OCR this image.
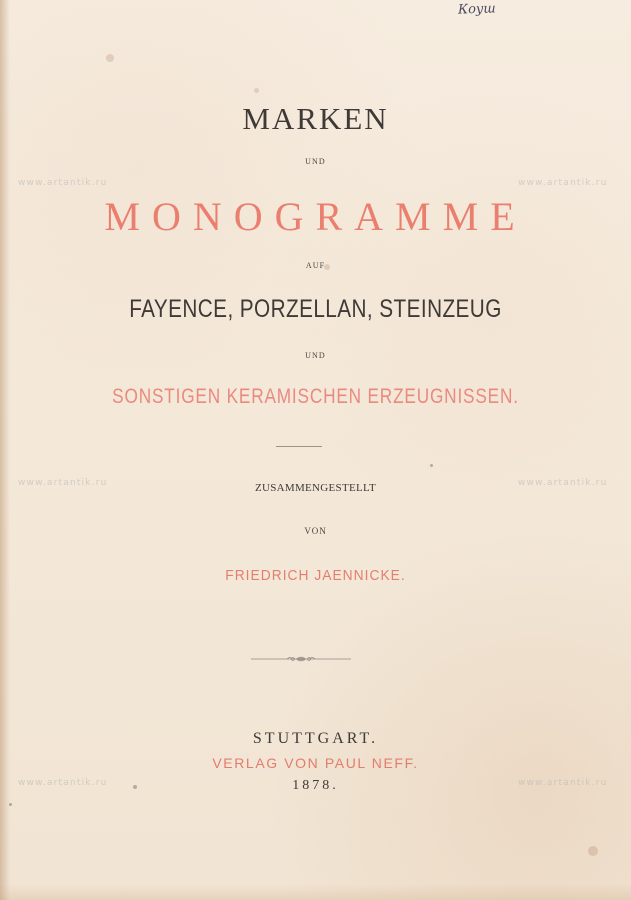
Коуш
www.artantik.ru	www.artantik.ru
www.artantik.ru	www.artantik.ru
www.artantik.ru	www.artantik.ru
MARKEN
UND
MONOGRAMME
AUF
FAYENCE, PORZELLAN, STEINZEUG
UND
SONSTIGEN KERAMISCHEN ERZEUGNISSEN.
ZUSAMMENGESTELLT
VON
FRIEDRICH JAENNICKE.
STUTTGART.
VERLAG VON PAUL NEFF.
1878.
